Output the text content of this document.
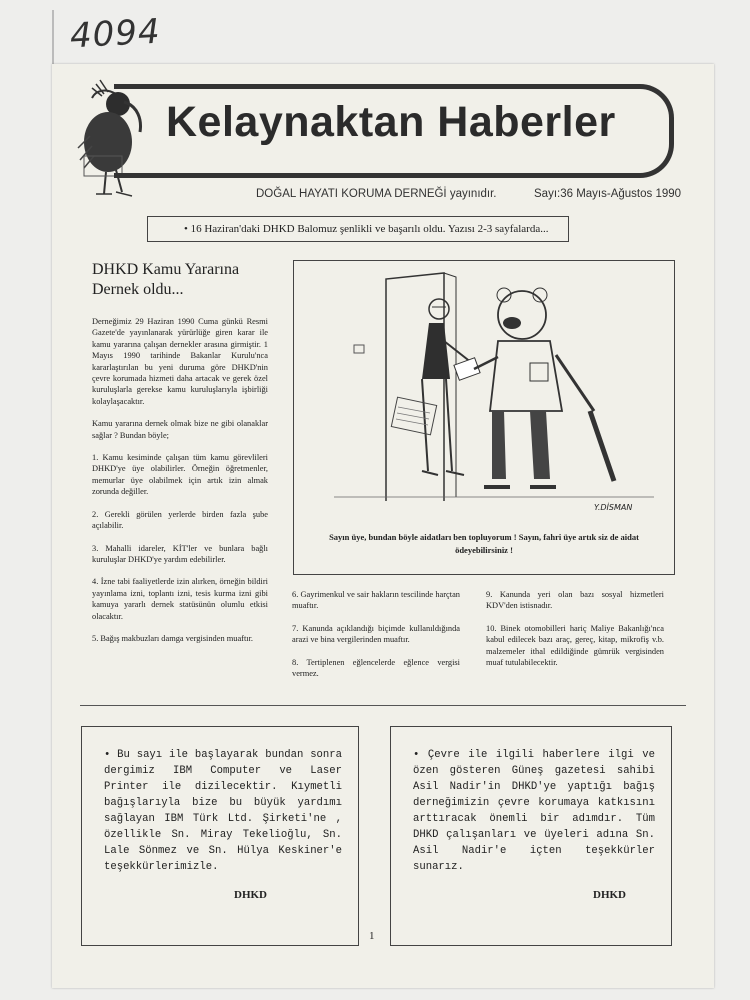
4094
Kelaynaktan Haberler
DOĞAL HAYATI KORUMA DERNEĞİ yayınıdır.	Sayı:36 Mayıs-Ağustos 1990
• 16 Haziran'daki DHKD Balomuz şenlikli ve başarılı oldu. Yazısı 2-3 sayfalarda...
DHKD Kamu Yararına
Dernek oldu...

Derneğimiz 29 Haziran 1990 Cuma günkü Resmi Gazete'de yayınlanarak yürürlüğe giren karar ile kamu yararına çalışan dernekler arasına girmiştir. 1 Mayıs 1990 tarihinde Bakanlar Kurulu'nca kararlaştırılan bu yeni duruma göre DHKD'nin çevre korumada hizmeti daha artacak ve gerek özel kuruluşlarla gerekse kamu kuruluşlarıyla işbirliği kolaylaşacaktır.

Kamu yararına dernek olmak bize ne gibi olanaklar sağlar ? Bundan böyle;

1. Kamu kesiminde çalışan tüm kamu görevlileri DHKD'ye üye olabilirler. Örneğin öğretmenler, memurlar üye olabilmek için artık izin almak zorunda değiller.

2. Gerekli görülen yerlerde birden fazla şube açılabilir.

3. Mahalli idareler, KİT'ler ve bunlara bağlı kuruluşlar DHKD'ye yardım edebilirler.

4. İzne tabi faaliyetlerde izin alırken, örneğin bildiri yayınlama izni, toplantı izni, tesis kurma izni gibi kamuya yararlı dernek statüsünün olumlu etkisi olacaktır.

5. Bağış makbuzları damga vergisinden muaftır.

Y.DİSMAN
Sayın üye, bundan böyle aidatları ben topluyorum ! Sayın, fahri üye artık siz de aidat ödeyebilirsiniz !

6. Gayrimenkul ve sair hakların tescilinde harçtan muaftır.

7. Kanunda açıklandığı biçimde kullanıldığında arazi ve bina vergilerinden muaftır.

8. Tertiplenen eğlencelerde eğlence vergisi vermez.

9. Kanunda yeri olan bazı sosyal hizmetleri KDV'den istisnadır.

10. Binek otomobilleri hariç Maliye Bakanlığı'nca kabul edilecek bazı araç, gereç, kitap, mikrofiş v.b. malzemeler ithal edildiğinde gümrük vergisinden muaf tutulabilecektir.

• Bu sayı ile başlayarak bundan sonra dergimiz IBM Computer ve Laser Printer ile dizilecektir. Kıymetli bağışlarıyla bize bu büyük yardımı sağlayan IBM Türk Ltd. Şirketi'ne , özellikle Sn. Miray Tekelioğlu, Sn. Lale Sönmez ve Sn. Hülya Keskiner'e teşekkürlerimizle.

DHKD

• Çevre ile ilgili haberlere ilgi ve özen gösteren Güneş gazetesi sahibi Asil Nadir'in DHKD'ye yaptığı bağış derneğimizin çevre korumaya katkısını arttıracak önemli bir adımdır. Tüm DHKD çalışanları ve üyeleri adına Sn. Asil Nadir'e içten teşekkürler sunarız.

DHKD
1
